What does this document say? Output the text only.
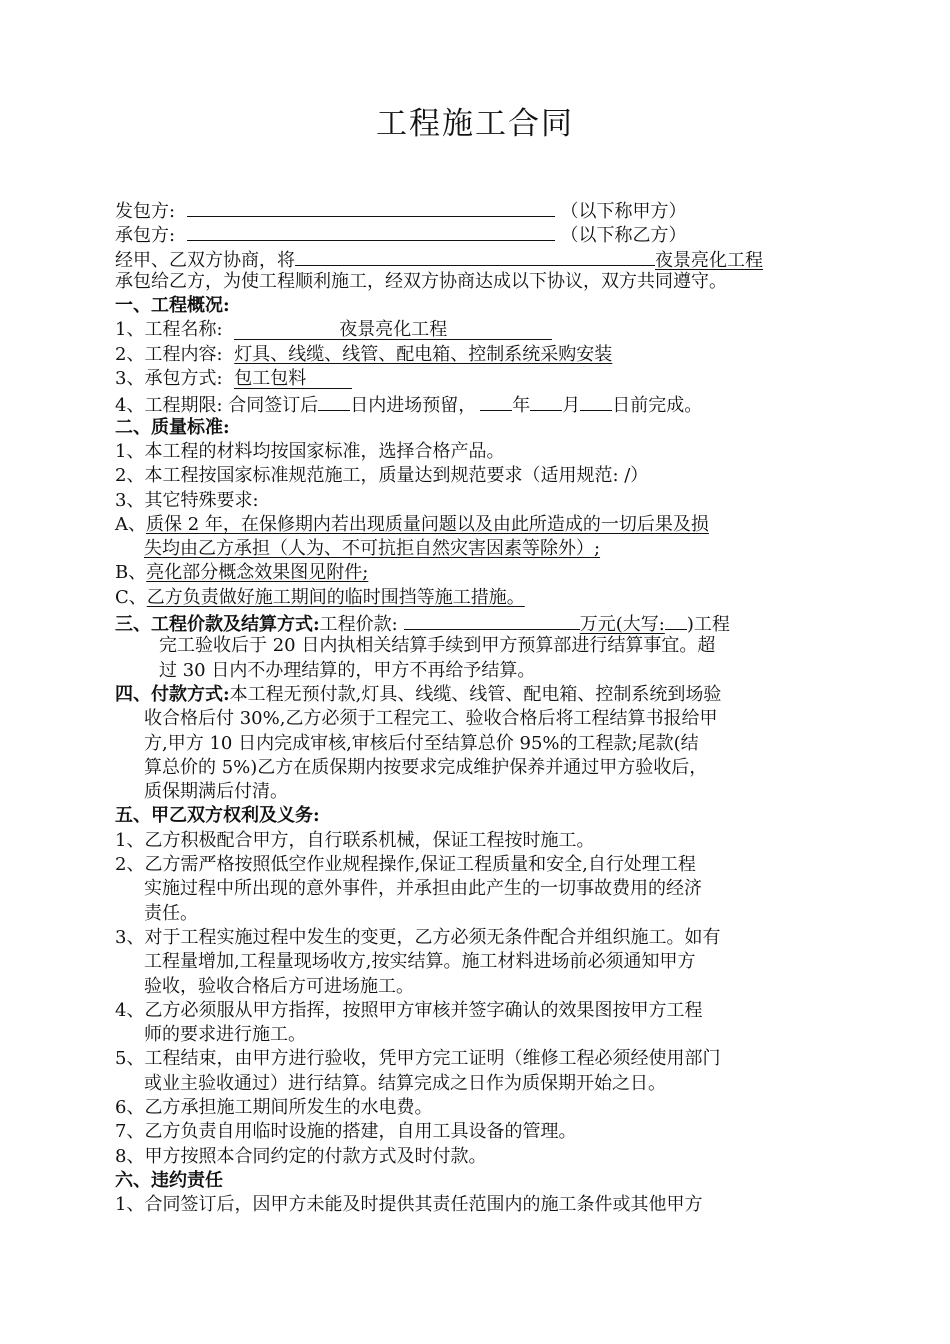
工程施工合同
发包方:	（以下称甲方）
承包方:	（以下称乙方）
经甲、乙双方协商，将	夜景亮化工程
承包给乙方，为使工程顺利施工，经双方协商达成以下协议，双方共同遵守。
一、工程概况:
1、工程名称:	夜景亮化工程
2、工程内容: 灯具、线缆、线管、配电箱、控制系统采购安装
3、承包方式: 包工包料
4、工程期限: 合同签订后 日内进场预留， 年 月 日前完成。
二、质量标准:
1、本工程的材料均按国家标准，选择合格产品。
2、本工程按国家标准规范施工，质量达到规范要求（适用规范: /）
3、其它特殊要求:
A、质保 2 年，在保修期内若出现质量问题以及由此所造成的一切后果及损
失均由乙方承担（人为、不可抗拒自然灾害因素等除外）;
B、亮化部分概念效果图见附件;
C、乙方负责做好施工期间的临时围挡等施工措施。
三、工程价款及结算方式:工程价款:	万元(大写: )工程
完工验收后于 20 日内执相关结算手续到甲方预算部进行结算事宜。超
过 30 日内不办理结算的，甲方不再给予结算。
四、付款方式:本工程无预付款,灯具、线缆、线管、配电箱、控制系统到场验
收合格后付 30%,乙方必须于工程完工、验收合格后将工程结算书报给甲
方,甲方 10 日内完成审核,审核后付至结算总价 95%的工程款;尾款(结
算总价的 5%)乙方在质保期内按要求完成维护保养并通过甲方验收后，
质保期满后付清。
五、甲乙双方权利及义务:
1、乙方积极配合甲方，自行联系机械，保证工程按时施工。
2、乙方需严格按照低空作业规程操作,保证工程质量和安全,自行处理工程
实施过程中所出现的意外事件，并承担由此产生的一切事故费用的经济
责任。
3、对于工程实施过程中发生的变更，乙方必须无条件配合并组织施工。如有
工程量增加,工程量现场收方,按实结算。施工材料进场前必须通知甲方
验收，验收合格后方可进场施工。
4、乙方必须服从甲方指挥，按照甲方审核并签字确认的效果图按甲方工程
师的要求进行施工。
5、工程结束，由甲方进行验收，凭甲方完工证明（维修工程必须经使用部门
或业主验收通过）进行结算。结算完成之日作为质保期开始之日。
6、乙方承担施工期间所发生的水电费。
7、乙方负责自用临时设施的搭建，自用工具设备的管理。
8、甲方按照本合同约定的付款方式及时付款。
六、违约责任
1、合同签订后，因甲方未能及时提供其责任范围内的施工条件或其他甲方
